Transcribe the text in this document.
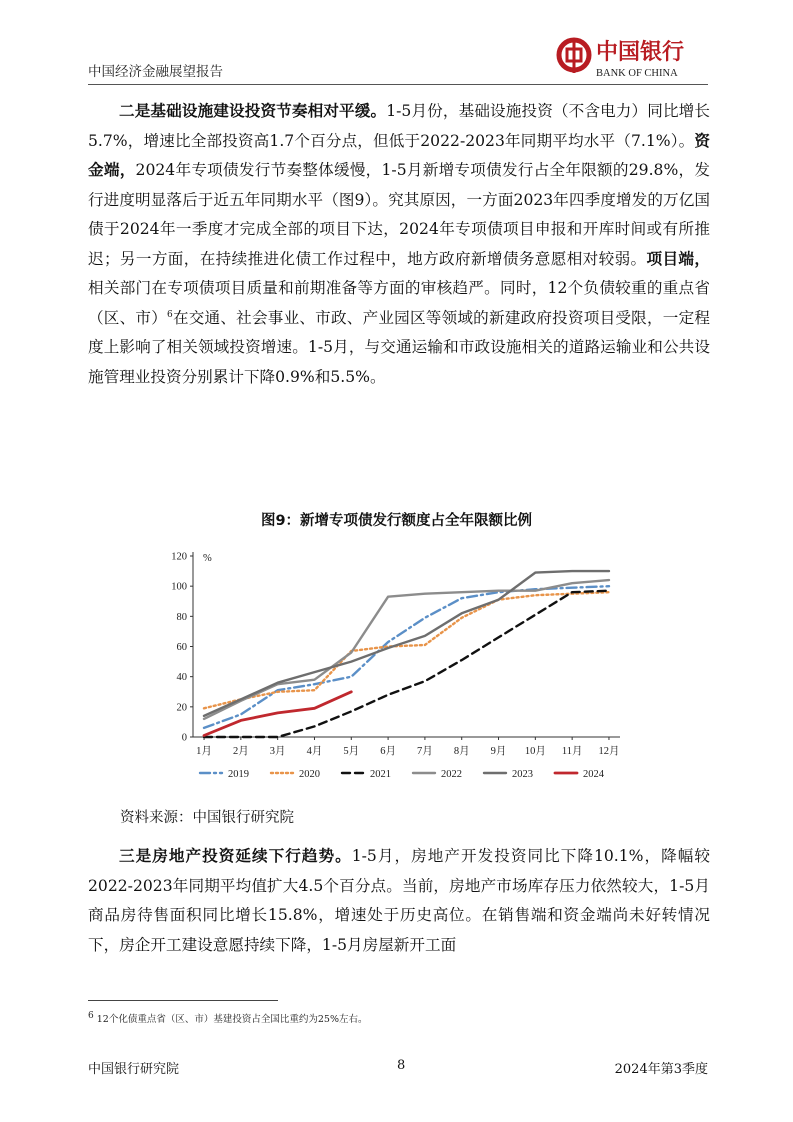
中国经济金融展望报告
中国银行
BANK OF CHINA

二是基础设施建设投资节奏相对平缓。1-5月份，基础设施投资（不含电力）同比增长5.7%，增速比全部投资高1.7个百分点，但低于2022-2023年同期平均水平（7.1%）。资金端，2024年专项债发行节奏整体缓慢，1-5月新增专项债发行占全年限额的29.8%，发行进度明显落后于近五年同期水平（图9）。究其原因，一方面2023年四季度增发的万亿国债于2024年一季度才完成全部的项目下达，2024年专项债项目申报和开库时间或有所推迟；另一方面，在持续推进化债工作过程中，地方政府新增债务意愿相对较弱。项目端，相关部门在专项债项目质量和前期准备等方面的审核趋严。同时，12个负债较重的重点省（区、市）$^6$在交通、社会事业、市政、产业园区等领域的新建政府投资项目受限，一定程度上影响了相关领域投资增速。1-5月，与交通运输和市政设施相关的道路运输业和公共设施管理业投资分别累计下降0.9%和5.5%。

图9：新增专项债发行额度占全年限额比例
0
20
40
60
80
100
120 %
1月 2月 3月 4月 5月 6月 7月 8月 9月 10月 11月 12月
2019	2020	2021	2022	2023	2024
资料来源：中国银行研究院

三是房地产投资延续下行趋势。1-5月，房地产开发投资同比下降10.1%，降幅较2022-2023年同期平均值扩大4.5个百分点。当前，房地产市场库存压力依然较大，1-5月商品房待售面积同比增长15.8%，增速处于历史高位。在销售端和资金端尚未好转情况下，房企开工建设意愿持续下降，1-5月房屋新开工面

6 12个化债重点省（区、市）基建投资占全国比重约为25%左右。
中国银行研究院	8	2024年第3季度
